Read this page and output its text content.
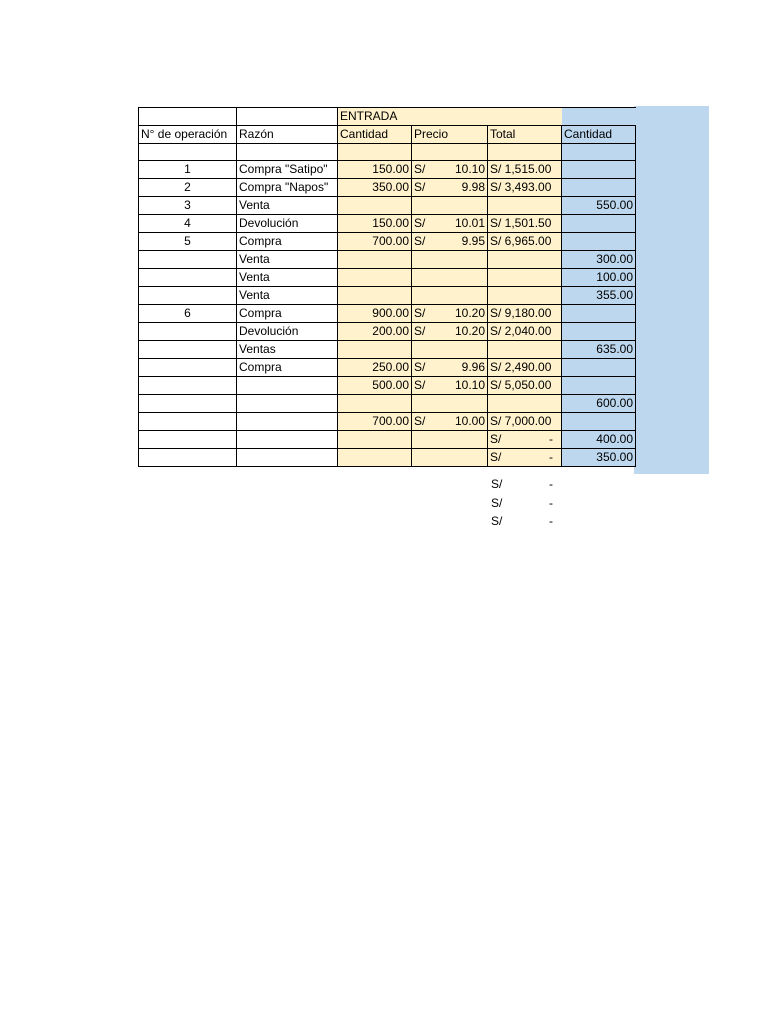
		ENTRADA			
N° de operación	Razón	Cantidad	Precio	Total	Cantidad

1	Compra "Satipo"	150.00	S/ 10.10	S/ 1,515.00	
2	Compra "Napos"	350.00	S/ 9.98	S/ 3,493.00	
3	Venta				550.00
4	Devolución	150.00	S/ 10.01	S/ 1,501.50	
5	Compra	700.00	S/ 9.95	S/ 6,965.00	
	Venta				300.00
	Venta				100.00
	Venta				355.00
6	Compra	900.00	S/ 10.20	S/ 9,180.00	
	Devolución	200.00	S/ 10.20	S/ 2,040.00	
	Ventas				635.00
	Compra	250.00	S/ 9.96	S/ 2,490.00	
		500.00	S/ 10.10	S/ 5,050.00	
					600.00
		700.00	S/ 10.00	S/ 7,000.00	

				S/ -	400.00

				S/ -	350.00
S/	-
S/	-
S/	-
